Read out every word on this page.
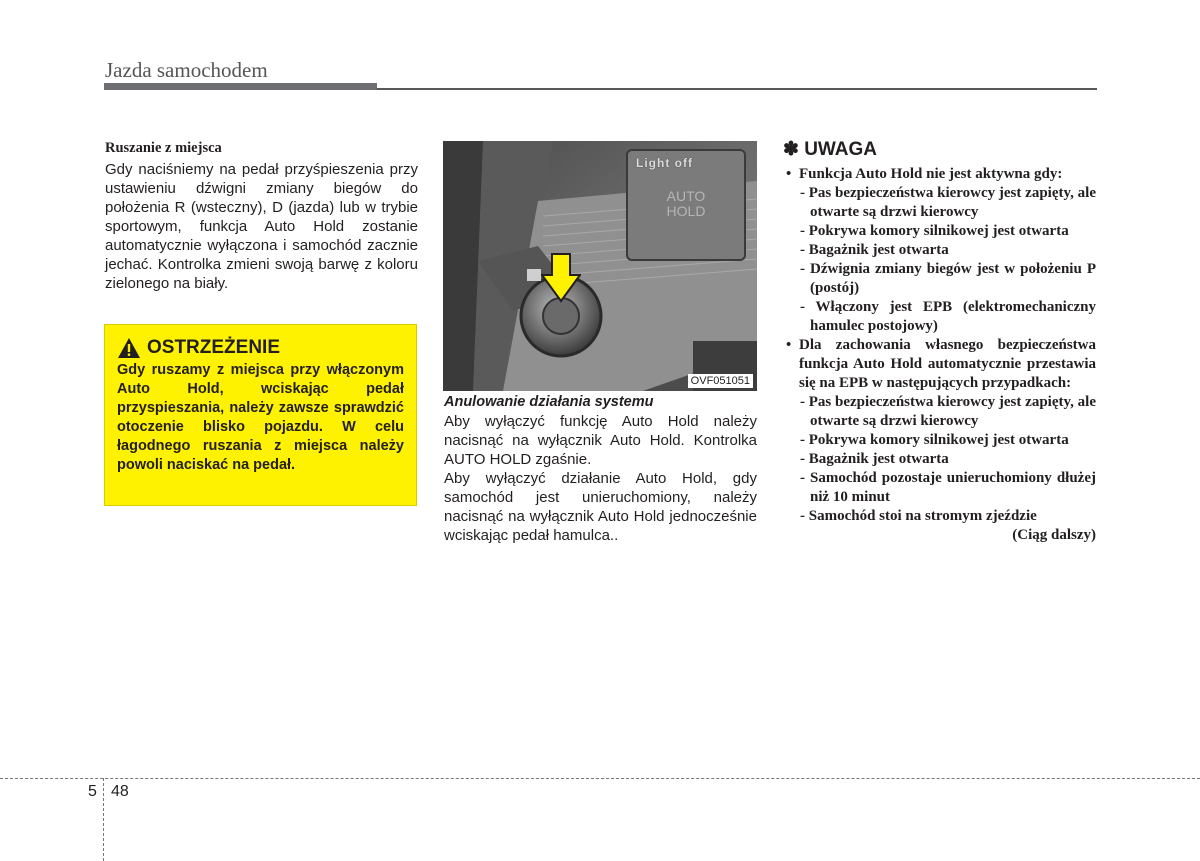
Jazda samochodem

Ruszanie z miejsca

Gdy naciśniemy na pedał przyśpieszenia przy ustawieniu dźwigni zmiany biegów do położenia R (wsteczny), D (jazda) lub w trybie sportowym, funkcja Auto Hold zostanie automatycznie wyłączona i samochód zacznie jechać. Kontrolka zmieni swoją barwę z koloru zielonego na biały.

OSTRZEŻENIE

Gdy ruszamy z miejsca przy włączonym Auto Hold, wciskając pedał przyspieszania, należy zawsze sprawdzić otoczenie blisko pojazdu. W celu łagodnego ruszania z miejsca należy powoli naciskać na pedał.

Light off
AUTO
HOLD
OVF051051

Anulowanie działania systemu

Aby wyłączyć funkcję Auto Hold należy nacisnąć na wyłącznik Auto Hold. Kontrolka AUTO HOLD zgaśnie.

Aby wyłączyć działanie Auto Hold, gdy samochód jest unieruchomiony, należy nacisnąć na wyłącznik Auto Hold jednocześnie wciskając pedał hamulca..

✽ UWAGA
• Funkcja Auto Hold nie jest aktywna gdy:
- Pas bezpieczeństwa kierowcy jest zapięty, ale otwarte są drzwi kierowcy
- Pokrywa komory silnikowej jest otwarta
- Bagażnik jest otwarta
- Dźwignia zmiany biegów jest w położeniu P (postój)
- Włączony jest EPB (elektromechaniczny hamulec postojowy)
• Dla zachowania własnego bezpieczeństwa funkcja Auto Hold automatycznie przestawia się na EPB w następujących przypadkach:
- Pas bezpieczeństwa kierowcy jest zapięty, ale otwarte są drzwi kierowcy
- Pokrywa komory silnikowej jest otwarta
- Bagażnik jest otwarta
- Samochód pozostaje unieruchomiony dłużej niż 10 minut
- Samochód stoi na stromym zjeździe
(Ciąg dalszy)
5 48
